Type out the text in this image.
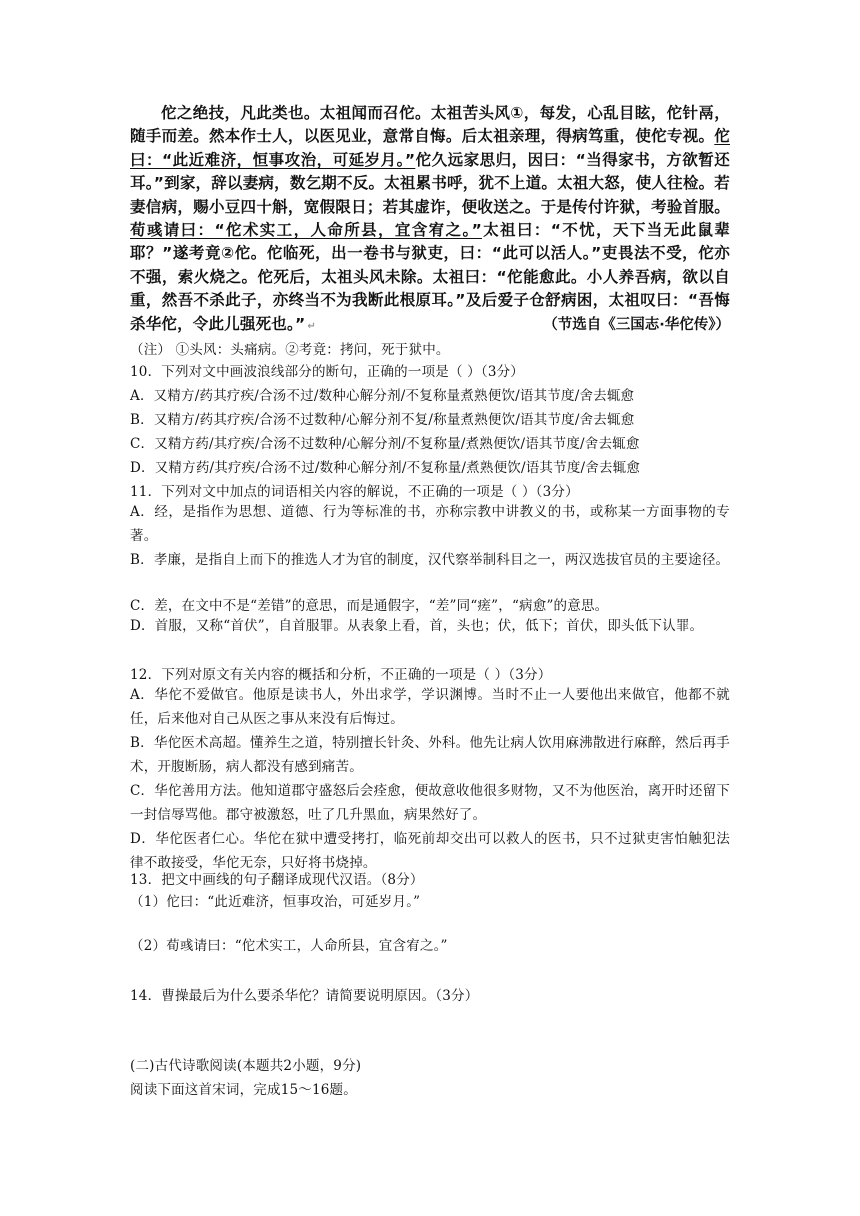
佗之绝技，凡此类也。太祖闻而召佗。太祖苦头风①，每发，心乱目眩，佗针鬲，随手而差。然本作士人，以医见业，意常自悔。后太祖亲理，得病笃重，使佗专视。佗曰：“此近难济，恒事攻治，可延岁月。”佗久远家思归，因曰：“当得家书，方欲暂还耳。”到家，辞以妻病，数乞期不反。太祖累书呼，犹不上道。太祖大怒，使人往检。若妻信病，赐小豆四十斛，宽假限日；若其虚诈，便收送之。于是传付许狱，考验首服。荀彧请曰：“佗术实工，人命所县，宜含宥之。”太祖曰：“不忧，天下当无此鼠辈耶？”遂考竟②佗。佗临死，出一卷书与狱吏，曰：“此可以活人。”吏畏法不受，佗亦不强，索火烧之。佗死后，太祖头风未除。太祖曰：“佗能愈此。小人养吾病，欲以自重，然吾不杀此子，亦终当不为我断此根原耳。”及后爱子仓舒病困，太祖叹曰：“吾悔杀华佗，令此儿强死也。” ↵	（节选自《三国志·华佗传》）
（注） ①头风：头痛病。②考竟：拷问，死于狱中。
10．下列对文中画波浪线部分的断句，正确的一项是（ ）（3分）
A．又精方/药其疗疾/合汤不过/数种心解分剂/不复称量煮熟便饮/语其节度/舍去辄愈
B．又精方/药其疗疾/合汤不过数种/心解分剂不复/称量煮熟便饮/语其节度/舍去辄愈
C．又精方药/其疗疾/合汤不过数种/心解分剂/不复称量/煮熟便饮/语其节度/舍去辄愈
D．又精方药/其疗疾/合汤不过/数种心解分剂/不复称量/煮熟便饮/语其节度/舍去辄愈
11．下列对文中加点的词语相关内容的解说，不正确的一项是（ ）（3分）
A．经，是指作为思想、道德、行为等标准的书，亦称宗教中讲教义的书，或称某一方面事物的专著。
B．孝廉，是指自上而下的推选人才为官的制度，汉代察举制科目之一，两汉选拔官员的主要途径。
C．差，在文中不是“差错”的意思，而是通假字，“差”同“瘥”，“病愈”的意思。
D．首服，又称“首伏”，自首服罪。从表象上看，首，头也；伏，低下；首伏，即头低下认罪。
12．下列对原文有关内容的概括和分析，不正确的一项是（ ）（3分）
A．华佗不爱做官。他原是读书人，外出求学，学识渊博。当时不止一人要他出来做官，他都不就任，后来他对自己从医之事从来没有后悔过。
B．华佗医术高超。懂养生之道，特别擅长针灸、外科。他先让病人饮用麻沸散进行麻醉，然后再手术，开腹断肠，病人都没有感到痛苦。
C．华佗善用方法。他知道郡守盛怒后会痊愈，便故意收他很多财物，又不为他医治，离开时还留下一封信辱骂他。郡守被激怒，吐了几升黑血，病果然好了。
D．华佗医者仁心。华佗在狱中遭受拷打，临死前却交出可以救人的医书，只不过狱吏害怕触犯法律不敢接受，华佗无奈，只好将书烧掉。
13．把文中画线的句子翻译成现代汉语。（8分）
（1）佗曰：“此近难济，恒事攻治，可延岁月。”
（2）荀彧请曰：“佗术实工，人命所县，宜含宥之。”
14．曹操最后为什么要杀华佗？请简要说明原因。（3分）
(二)古代诗歌阅读(本题共2小题，9分)
阅读下面这首宋词，完成15～16题。
